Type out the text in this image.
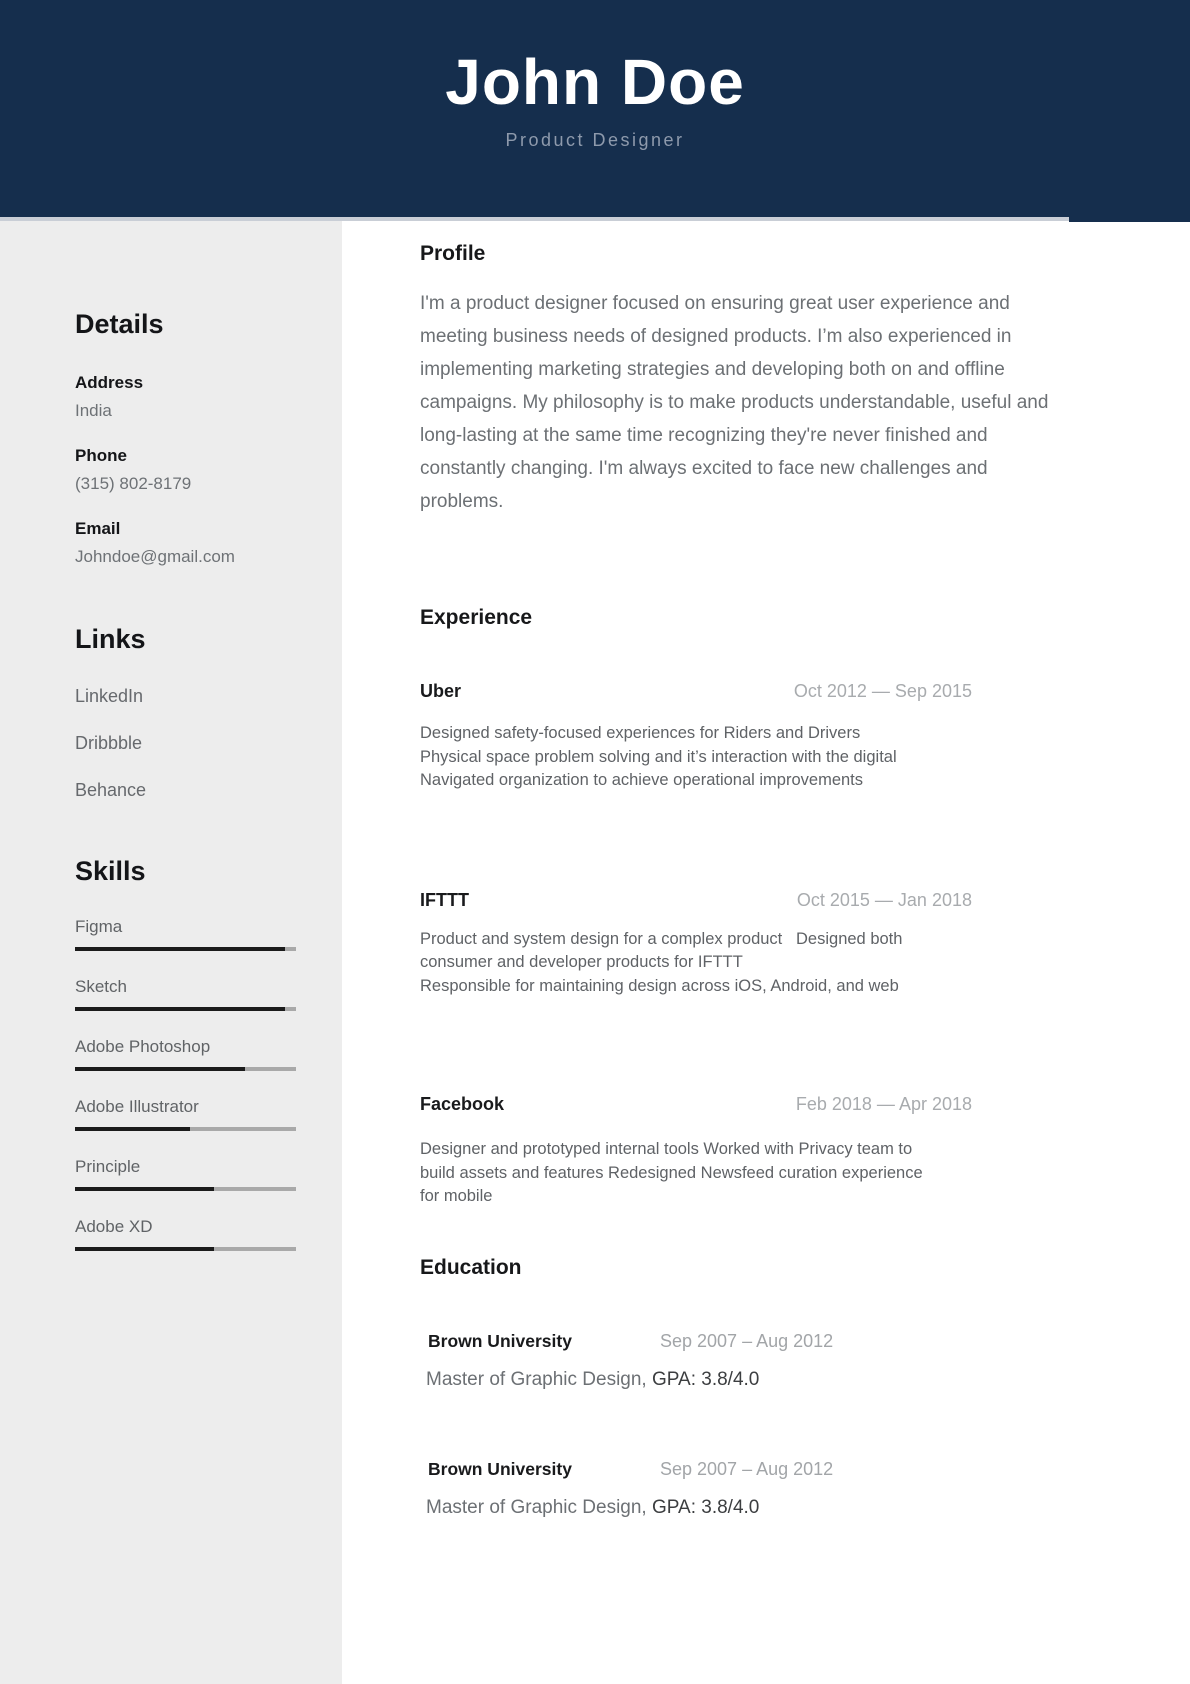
John Doe
Product Designer
Details
Address
India
Phone
(315) 802-8179
Email
Johndoe@gmail.com
Links
LinkedIn
Dribbble
Behance
Skills
Figma
Sketch
Adobe Photoshop
Adobe Illustrator
Principle
Adobe XD
Profile
I'm a product designer focused on ensuring great user experience and meeting business needs of designed products. I’m also experienced in implementing marketing strategies and developing both on and offline campaigns. My philosophy is to make products understandable, useful and long-lasting at the same time recognizing they're never finished and constantly changing. I'm always excited to face new challenges and problems.
Experience
Uber	Oct 2012 — Sep 2015
Designed safety-focused experiences for Riders and Drivers
Physical space problem solving and it’s interaction with the digital
Navigated organization to achieve operational improvements
IFTTT	Oct 2015 — Jan 2018
Product and system design for a complex product   Designed both
consumer and developer products for IFTTT
Responsible for maintaining design across iOS, Android, and web
Facebook	Feb 2018 — Apr 2018
Designer and prototyped internal tools Worked with Privacy team to
build assets and features Redesigned Newsfeed curation experience
for mobile
Education
Brown University	Sep 2007 – Aug 2012
Master of Graphic Design, GPA: 3.8/4.0
Brown University	Sep 2007 – Aug 2012
Master of Graphic Design, GPA: 3.8/4.0
